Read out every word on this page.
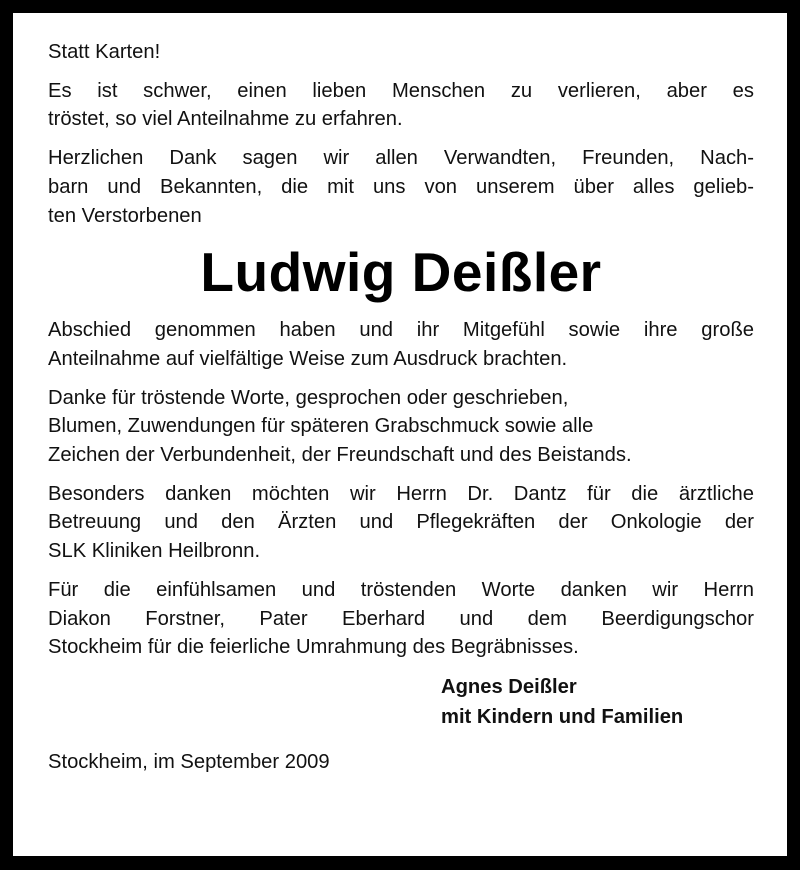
Statt Karten!

Es ist schwer, einen lieben Menschen zu verlieren, aber es
tröstet, so viel Anteilnahme zu erfahren.

Herzlichen Dank sagen wir allen Verwandten, Freunden, Nach-
barn und Bekannten, die mit uns von unserem über alles gelieb-
ten Verstorbenen

Ludwig Deißler

Abschied genommen haben und ihr Mitgefühl sowie ihre große
Anteilnahme auf vielfältige Weise zum Ausdruck brachten.

Danke für tröstende Worte, gesprochen oder geschrieben,
Blumen, Zuwendungen für späteren Grabschmuck sowie alle
Zeichen der Verbundenheit, der Freundschaft und des Beistands.

Besonders danken möchten wir Herrn Dr. Dantz für die ärztliche
Betreuung und den Ärzten und Pflegekräften der Onkologie der
SLK Kliniken Heilbronn.

Für die einfühlsamen und tröstenden Worte danken wir Herrn
Diakon Forstner, Pater Eberhard und dem Beerdigungschor
Stockheim für die feierliche Umrahmung des Begräbnisses.

Agnes Deißler
mit Kindern und Familien
Stockheim, im September 2009
